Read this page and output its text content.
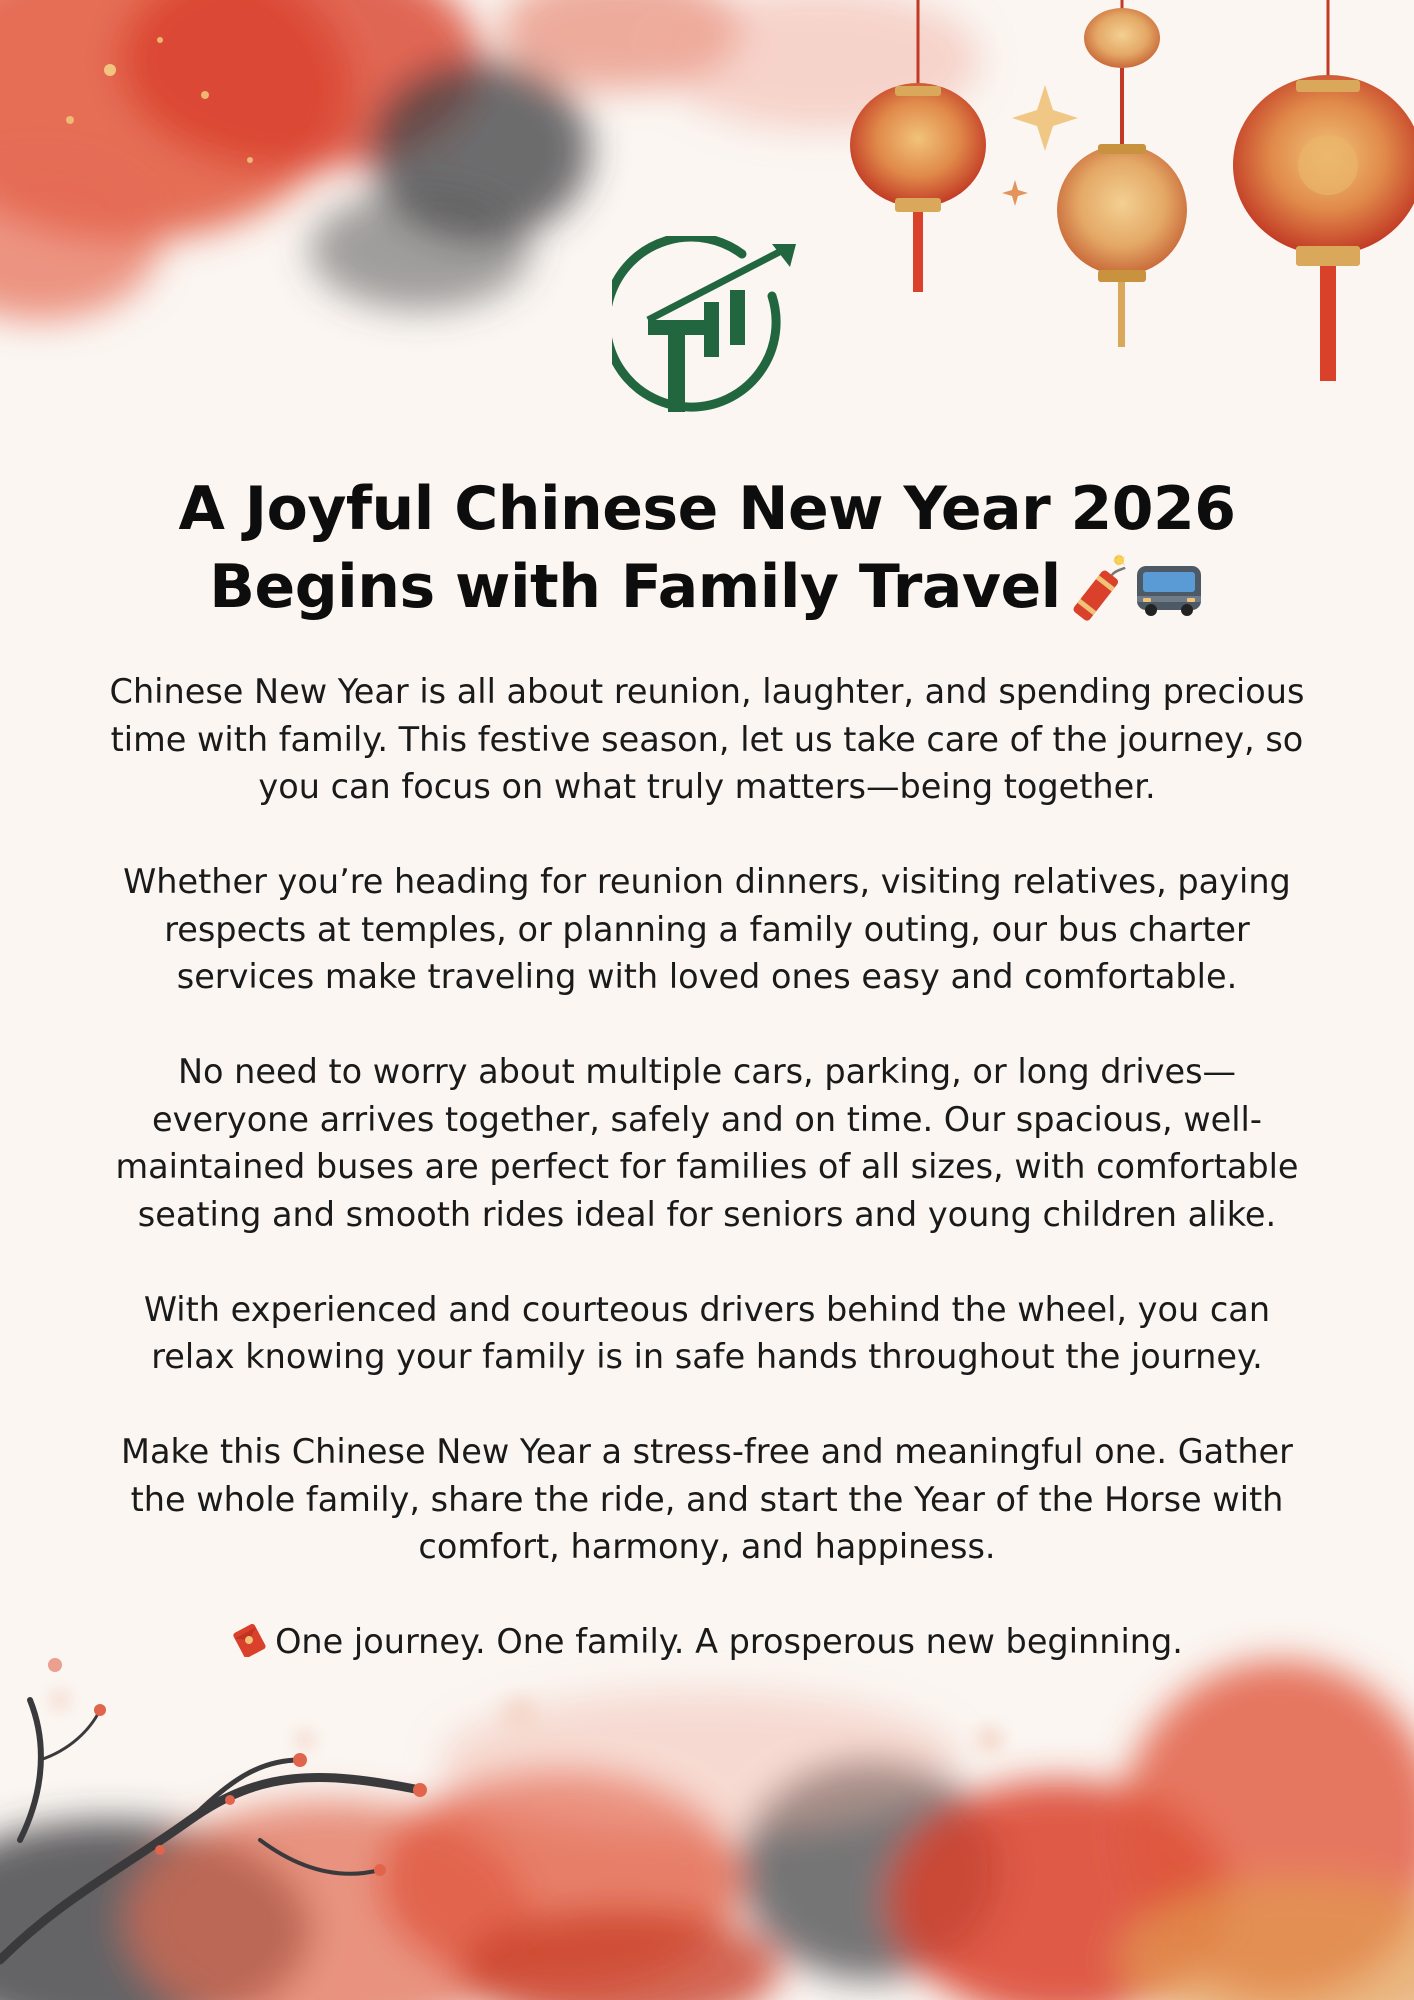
A Joyful Chinese New Year 2026
Begins with Family Travel

Chinese New Year is all about reunion, laughter, and spending precious
time with family. This festive season, let us take care of the journey, so
you can focus on what truly matters—being together.

Whether you’re heading for reunion dinners, visiting relatives, paying
respects at temples, or planning a family outing, our bus charter
services make traveling with loved ones easy and comfortable.

No need to worry about multiple cars, parking, or long drives—
everyone arrives together, safely and on time. Our spacious, well-
maintained buses are perfect for families of all sizes, with comfortable
seating and smooth rides ideal for seniors and young children alike.

With experienced and courteous drivers behind the wheel, you can
relax knowing your family is in safe hands throughout the journey.

Make this Chinese New Year a stress-free and meaningful one. Gather
the whole family, share the ride, and start the Year of the Horse with
comfort, harmony, and happiness.

One journey. One family. A prosperous new beginning.
